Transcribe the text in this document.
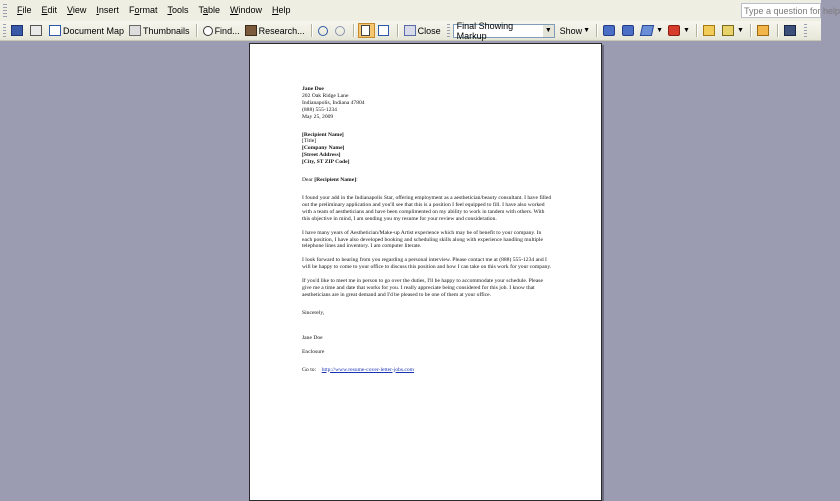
File	Edit	View	Insert	Format	Tools	Table	Window	Help	Type a question for help
Document Map Thumbnails	Find... Research...	Close Final Showing Markup
▼ Show ▼	▼	▼	▼

Jane Doe

202 Oak Ridge Lane

Indianapolis, Indiana 47804

(888) 555-1234

May 25, 2009

[Recipient Name]

[Title]

[Company Name]

[Street Address]

[City, ST ZIP Code]

Dear [Recipient Name]:

I found your add in the Indianapolis Star, offering employment as a aesthetician/beauty consultant. I have filled out the preliminary application and you'll see that this is a position I feel equipped to fill. I have also worked with a team of aestheticians and have been complimented on my ability to work in tandem with others. With this objective in mind, I am sending you my resume for your review and consideration.

I have many years of Aesthetician/Make-up Artist experience which may be of benefit to your company. In each position, I have also developed booking and scheduling skills along with experience handling multiple telephone lines and inventory. I am computer literate.

I look forward to hearing from you regarding a personal interview. Please contact me at (888) 555-1234 and I will be happy to come to your office to discuss this position and how I can take on this work for your company.

If you'd like to meet me in person to go over the duties, I'll be happy to accommodate your schedule. Please give me a time and date that works for you. I really appreciate being considered for this job. I know that aestheticians are in great demand and I'd be pleased to be one of them at your office.

Sincerely,

Jane Doe

Enclosure

Go to: http://www.resume-cover-letter-jobs.com
